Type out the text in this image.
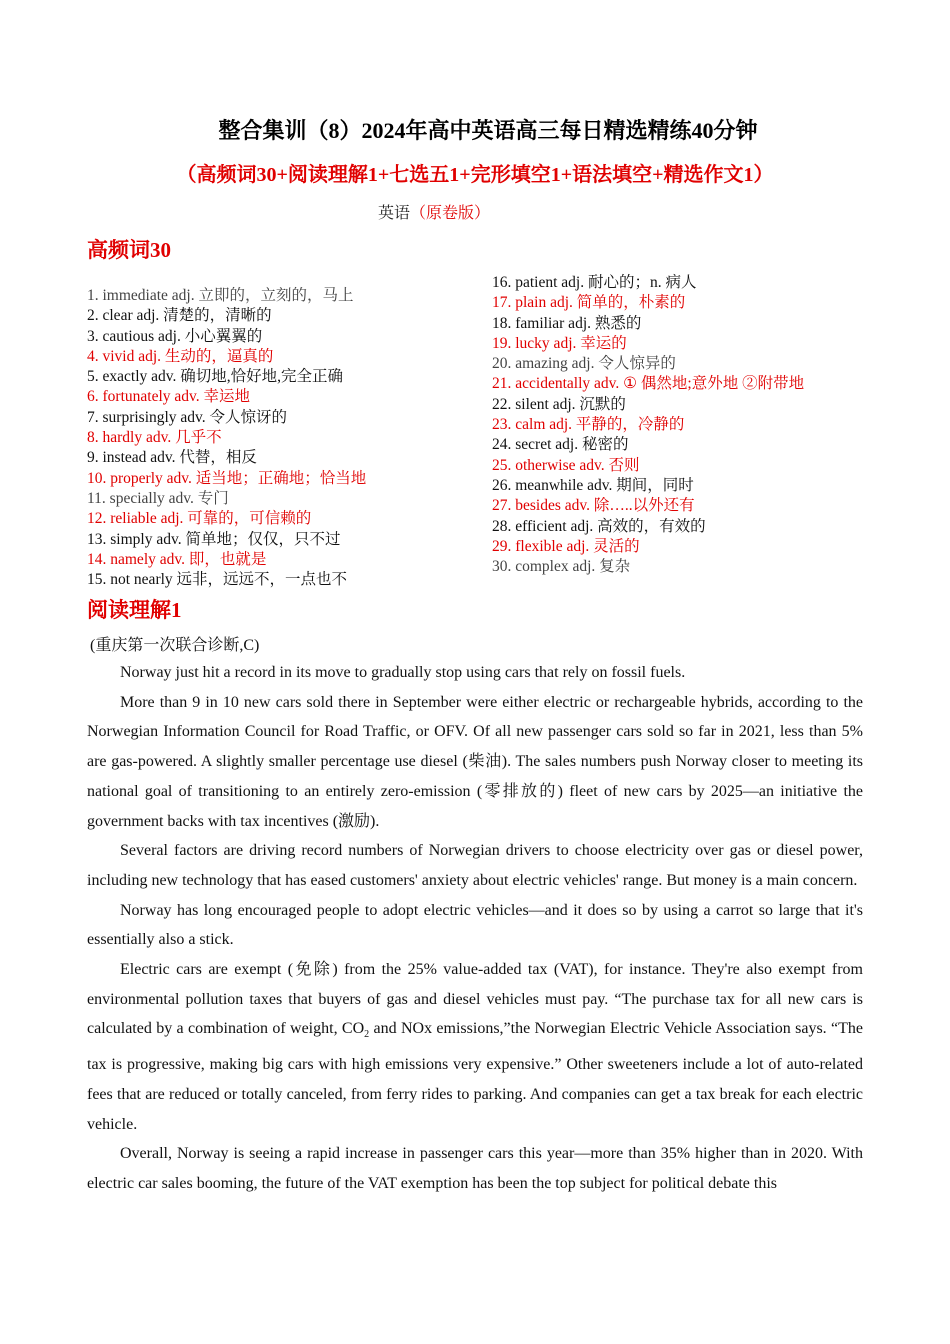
整合集训（8）2024年高中英语高三每日精选精练40分钟
（高频词30+阅读理解1+七选五1+完形填空1+语法填空+精选作文1）
英语（原卷版）
高频词30
1. immediate adj. 立即的，立刻的，马上
2. clear adj. 清楚的，清晰的
3. cautious adj. 小心翼翼的
4. vivid adj. 生动的，逼真的
5. exactly adv. 确切地,恰好地,完全正确
6. fortunately adv. 幸运地
7. surprisingly adv. 令人惊讶的
8. hardly adv. 几乎不
9. instead adv. 代替，相反
10. properly adv. 适当地；正确地；恰当地
11. specially adv. 专门
12. reliable adj. 可靠的，可信赖的
13. simply adv. 简单地；仅仅，只不过
14. namely adv. 即，也就是
15. not nearly 远非，远远不，一点也不
16. patient adj. 耐心的；n. 病人
17. plain adj. 简单的，朴素的
18. familiar adj. 熟悉的
19. lucky adj. 幸运的
20. amazing adj. 令人惊异的
21. accidentally adv. ① 偶然地;意外地 ②附带地
22. silent adj. 沉默的
23. calm adj. 平静的，冷静的
24. secret adj. 秘密的
25. otherwise adv. 否则
26. meanwhile adv. 期间，同时
27. besides adv. 除…..以外还有
28. efficient adj. 高效的，有效的
29. flexible adj. 灵活的
30. complex adj. 复杂
阅读理解1
(重庆第一次联合诊断,C)

Norway just hit a record in its move to gradually stop using cars that rely on fossil fuels.

More than 9 in 10 new cars sold there in September were either electric or rechargeable hybrids, according to the Norwegian Information Council for Road Traffic, or OFV. Of all new passenger cars sold so far in 2021, less than 5% are gas‐powered. A slightly smaller percentage use diesel (柴油). The sales numbers push Norway closer to meeting its national goal of transitioning to an entirely zero‐emission (零排放的) fleet of new cars by 2025—an initiative the government backs with tax incentives (激励).

Several factors are driving record numbers of Norwegian drivers to choose electricity over gas or diesel power, including new technology that has eased customers' anxiety about electric vehicles' range. But money is a main concern.

Norway has long encouraged people to adopt electric vehicles—and it does so by using a carrot so large that it's essentially also a stick.

Electric cars are exempt (免除) from the 25% value‐added tax (VAT), for instance. They're also exempt from environmental pollution taxes that buyers of gas and diesel vehicles must pay. “The purchase tax for all new cars is calculated by a combination of weight, $CO_2$ and NOx emissions,”the Norwegian Electric Vehicle Association says. “The tax is progressive, making big cars with high emissions very expensive.” Other sweeteners include a lot of auto‐related fees that are reduced or totally canceled, from ferry rides to parking. And companies can get a tax break for each electric vehicle.

Overall, Norway is seeing a rapid increase in passenger cars this year—more than 35% higher than in 2020. With electric car sales booming, the future of the VAT exemption has been the top subject for political debate this
